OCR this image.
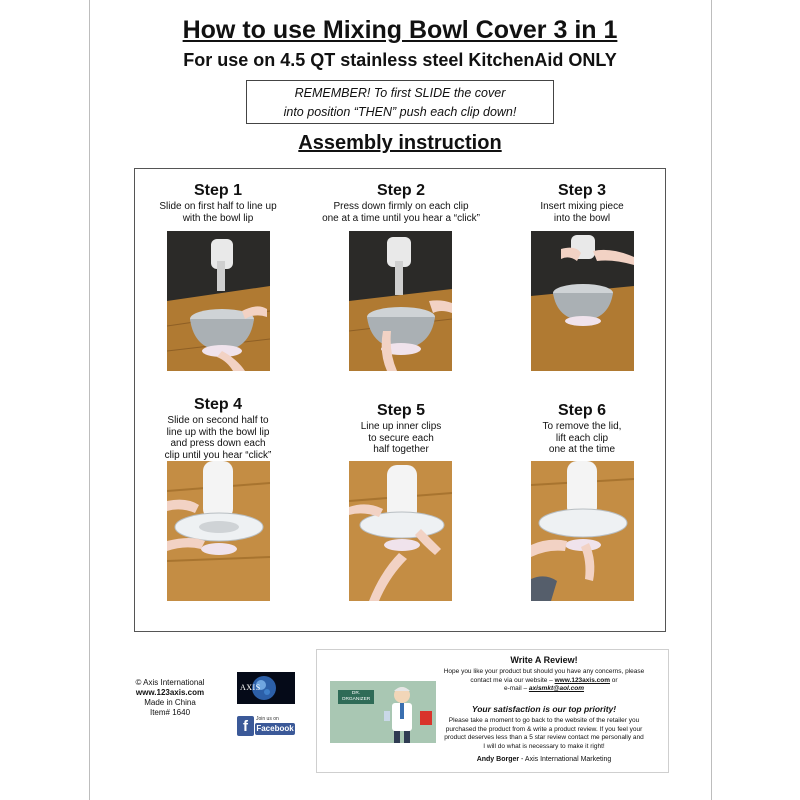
How to use Mixing Bowl Cover 3 in 1
For use on 4.5 QT stainless steel KitchenAid ONLY
REMEMBER! To first SLIDE the cover
into position “THEN” push each clip down!
Assembly instruction
Step 1
Slide on first half to line up
with the bowl lip
Step 2
Press down firmly on each clip
one at a time until you hear a “click”
Step 3
Insert mixing piece
into the bowl
Step 4
Slide on second half to
line up with the bowl lip
and press down each
clip until you hear “click”
Step 5
Line up inner clips
to secure each
half together
Step 6
To remove the lid,
lift each clip
one at the time
© Axis International
www.123axis.com
Made in China
Item# 1640
AXIS
f	Join us on
Facebook
Write A Review!
Hope you like your product but should you have any concerns, please
contact me via our website – www.123axis.com or
e-mail – axismkt@aol.com
Your satisfaction is our top priority!
Please take a moment to go back to the website of the retailer you
purchased the product from & write a product review. If you feel your
product deserves less than a 5 star review contact me personally and
I will do what is necessary to make it right!
Andy Borger - Axis International Marketing
DR. ORGANIZER
